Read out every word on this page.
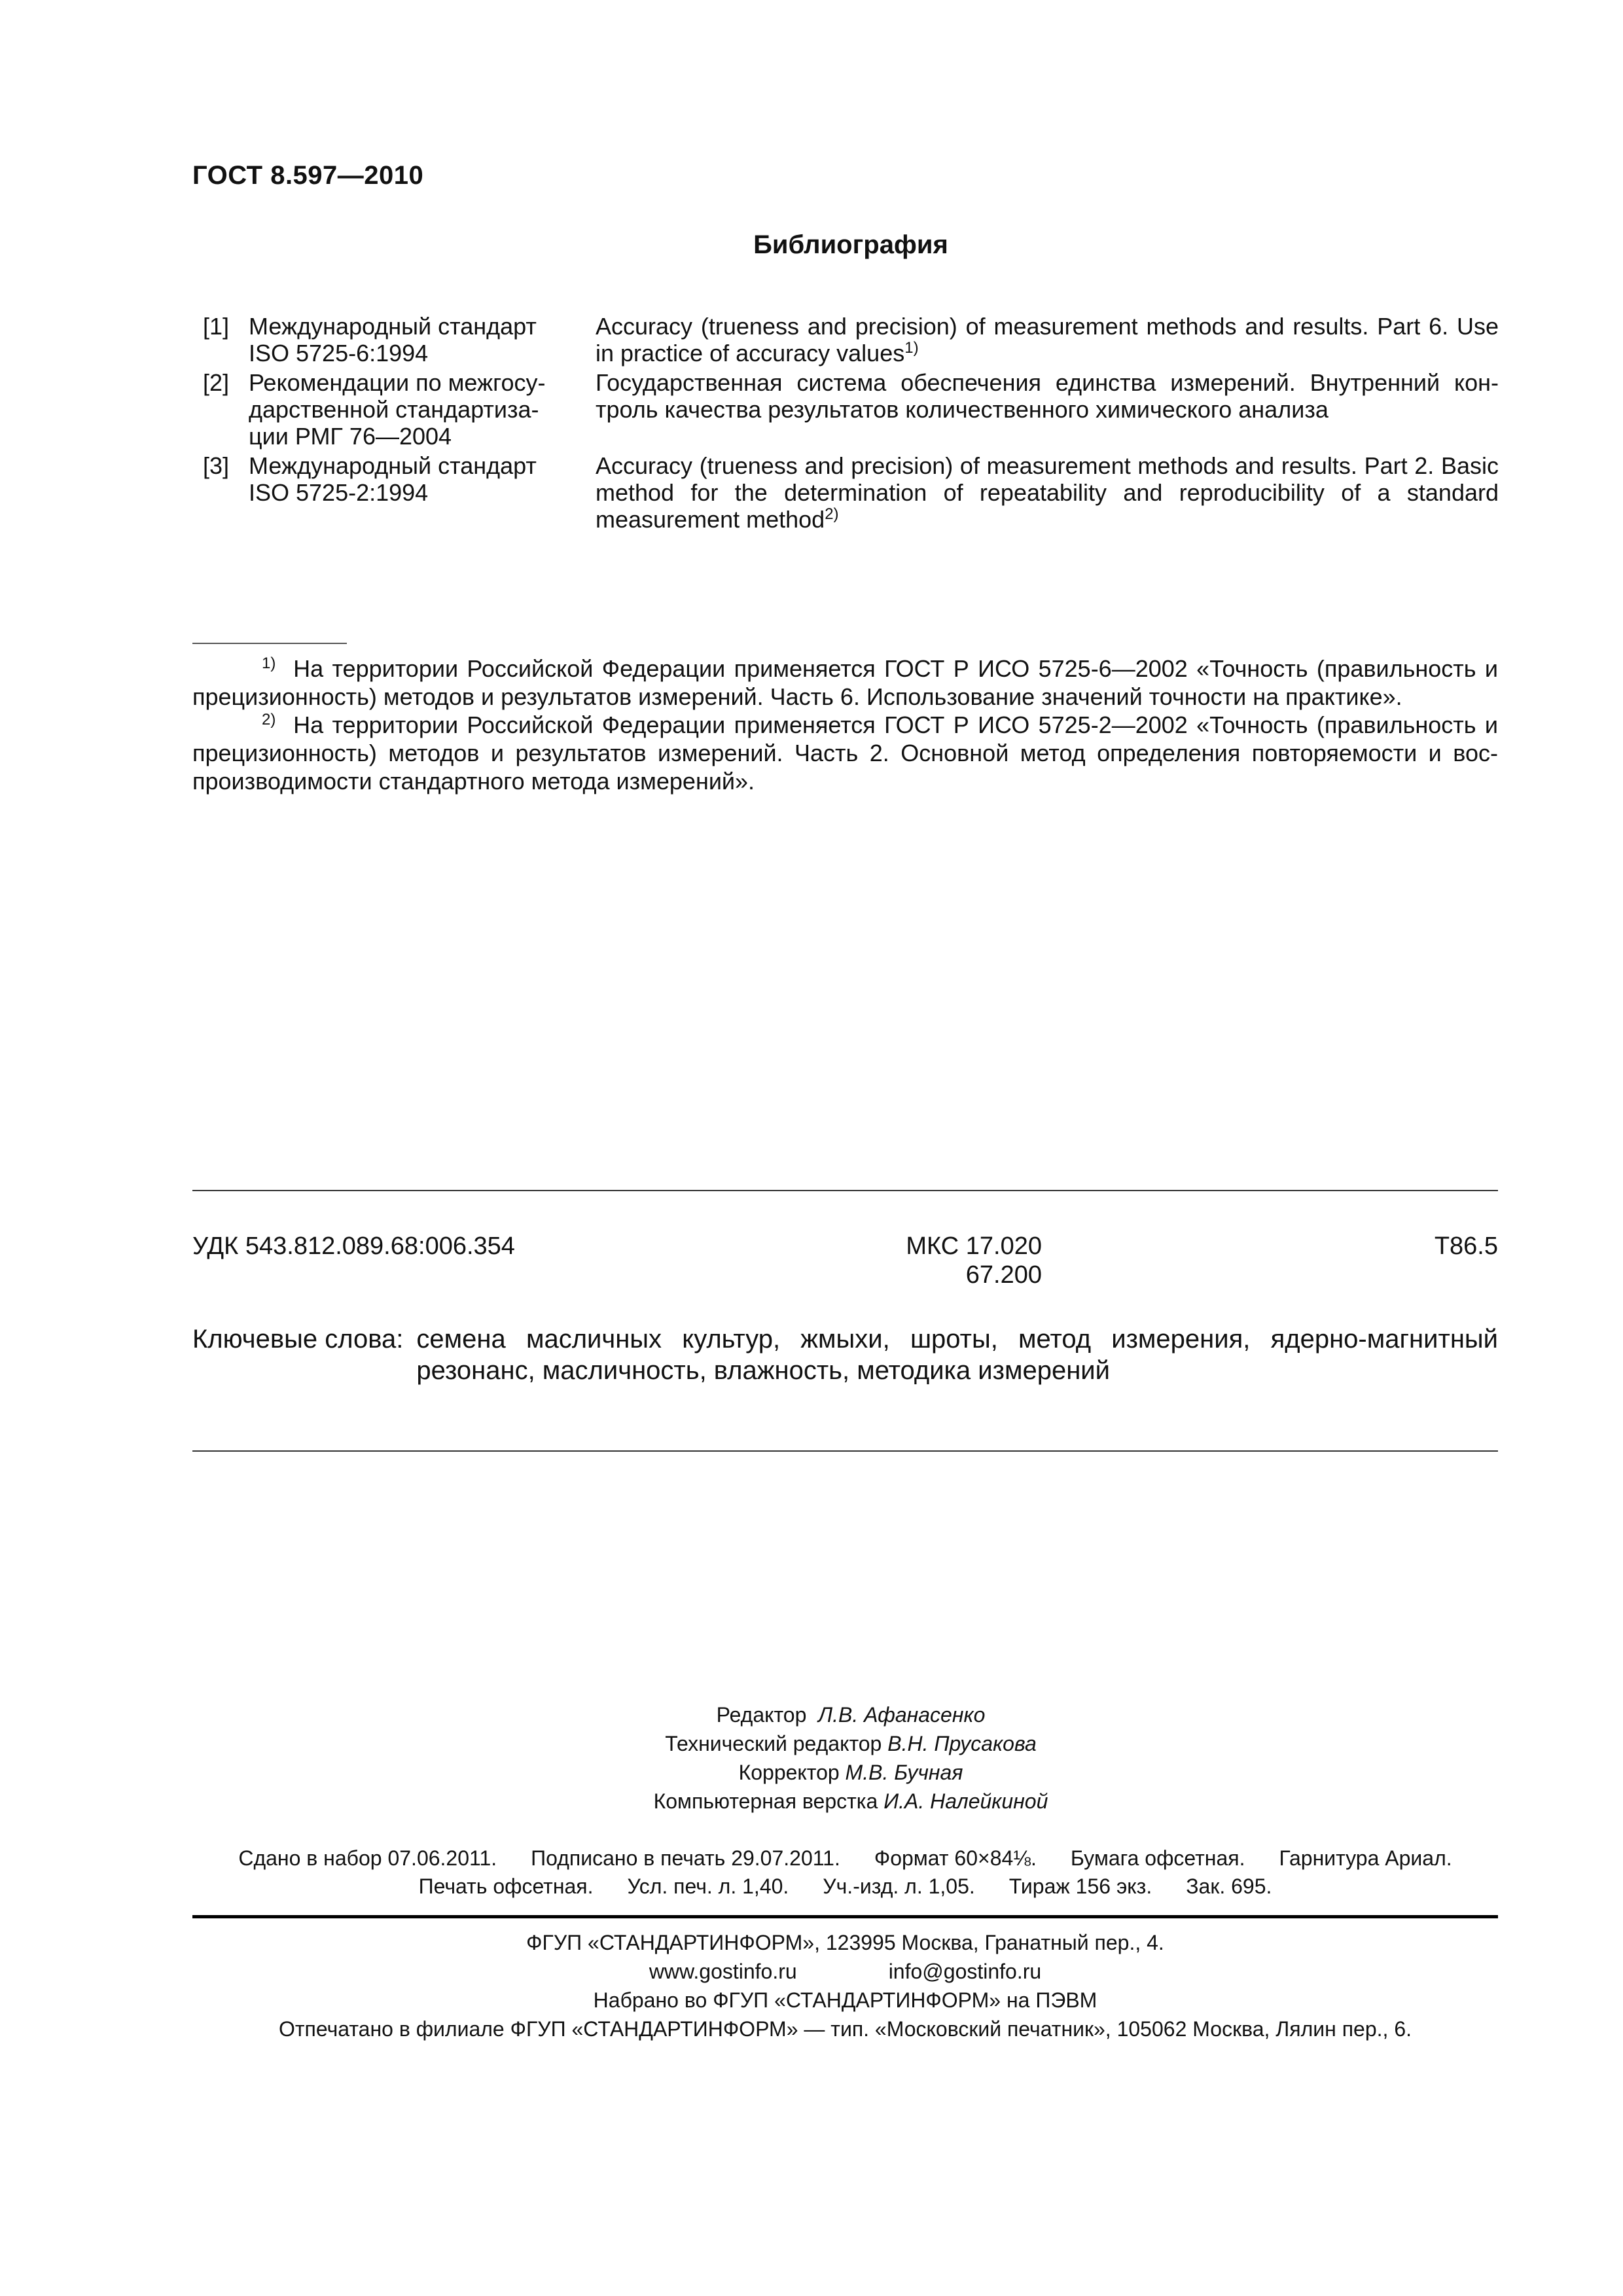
ГОСТ 8.597—2010
Библиография
[1] Международный стандарт
ISO 5725-6:1994
Accuracy (trueness and precision) of measurement methods and results. Part 6. Use in practice of accuracy values$^{1)}$
[2] Рекомендации по межгосу-
дарственной стандартиза-
ции РМГ 76—2004
Государственная система обеспечения единства измерений. Внутренний кон-троль качества результатов количественного химического анализа
[3] Международный стандарт
ISO 5725-2:1994
Accuracy (trueness and precision) of measurement methods and results. Part 2. Basic method for the determination of repeatability and reproducibility of a standard measurement method$^{2)}$

$^{1)}$ На территории Российской Федерации применяется ГОСТ Р ИСО 5725-6—2002 «Точность (правильность и прецизионность) методов и результатов измерений. Часть 6. Использование значений точности на практике».

$^{2)}$ На территории Российской Федерации применяется ГОСТ Р ИСО 5725-2—2002 «Точность (правильность и прецизионность) методов и результатов измерений. Часть 2. Основной метод определения повторяемости и вос-производимости стандартного метода измерений».

УДК 543.812.089.68:006.354	МКС 17.020
67.200
Т86.5
Ключевые слова: семена масличных культур, жмыхи, шроты, метод измерения, ядерно-магнитный резонанс, масличность, влажность, методика измерений
Редактор Л.В. Афанасенко
Технический редактор В.Н. Прусакова
Корректор М.В. Бучная
Компьютерная верстка И.А. Налейкиной
Сдано в набор 07.06.2011. Подписано в печать 29.07.2011. Формат 60×84⅛. Бумага офсетная. Гарнитура Ариал.
Печать офсетная. Усл. печ. л. 1,40. Уч.-изд. л. 1,05. Тираж 156 экз. Зак. 695.
ФГУП «СТАНДАРТИНФОРМ», 123995 Москва, Гранатный пер., 4.
www.gostinfo.ru	info@gostinfo.ru
Набрано во ФГУП «СТАНДАРТИНФОРМ» на ПЭВМ
Отпечатано в филиале ФГУП «СТАНДАРТИНФОРМ» — тип. «Московский печатник», 105062 Москва, Лялин пер., 6.
